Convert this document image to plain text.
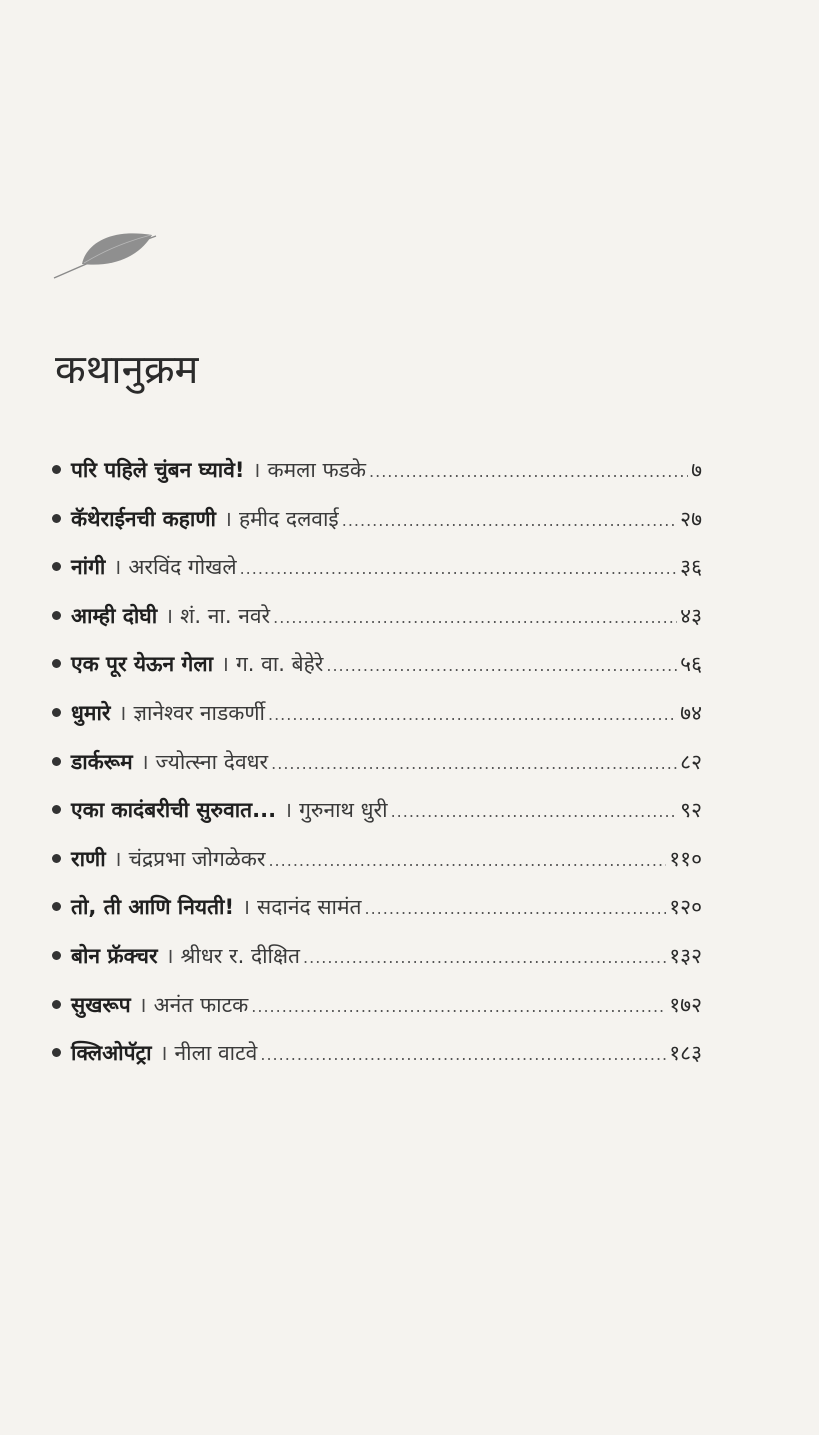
कथानुक्रम
परि पहिले चुंबन घ्यावे! । कमला फडके .....	७
कॅथेराईनची कहाणी । हमीद दलवाई .....	२७
नांगी । अरविंद गोखले .....	३६
आम्ही दोघी । शं. ना. नवरे .....	४३
एक पूर येऊन गेला । ग. वा. बेहेरे .....	५६
धुमारे । ज्ञानेश्वर नाडकर्णी .....	७४
डार्करूम । ज्योत्स्ना देवधर .....	८२
एका कादंबरीची सुरुवात... । गुरुनाथ धुरी .....	९२
राणी । चंद्रप्रभा जोगळेकर .....	११०
तो, ती आणि नियती! । सदानंद सामंत .....	१२०
बोन फ्रॅक्चर । श्रीधर र. दीक्षित .....	१३२
सुखरूप । अनंत फाटक .....	१७२
क्लिओपॅट्रा । नीला वाटवे .....	१८३
